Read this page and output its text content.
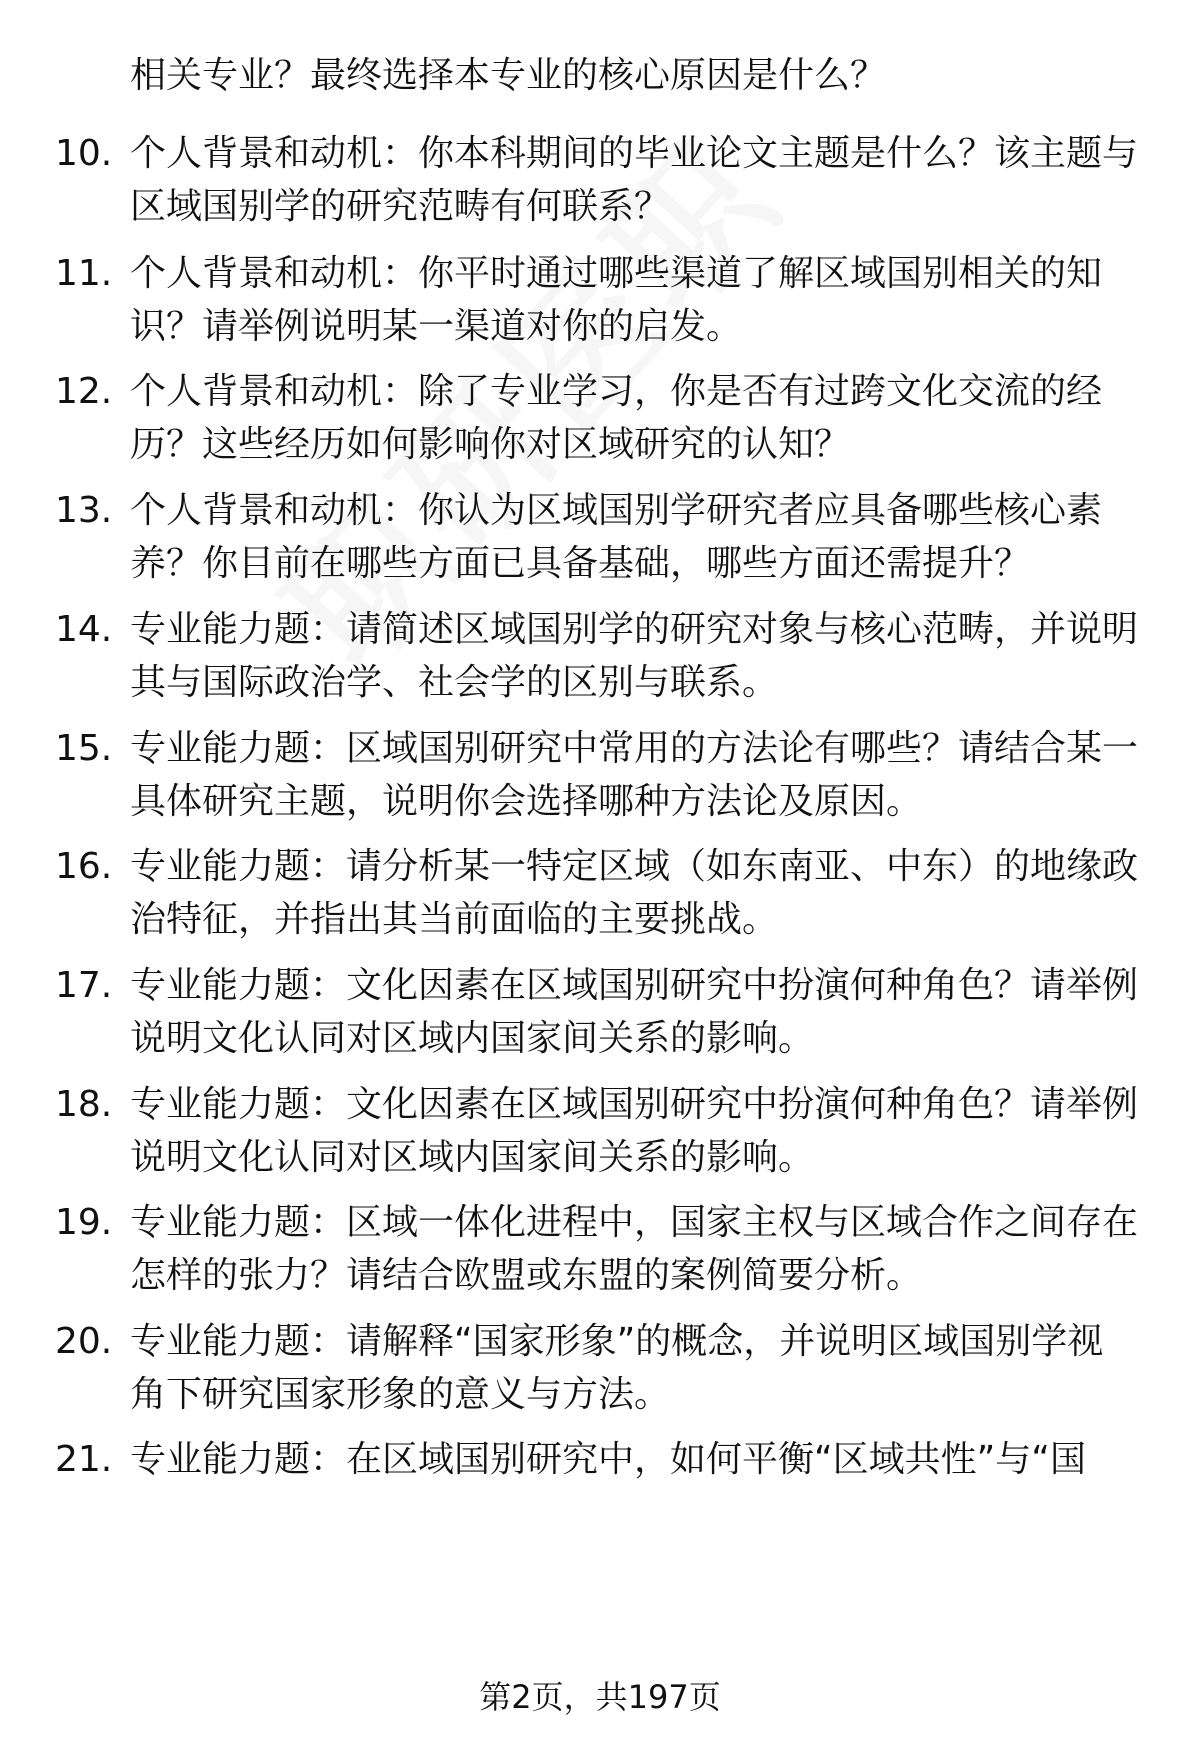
相关专业？最终选择本专业的核心原因是什么？
10. 个人背景和动机：你本科期间的毕业论文主题是什么？该主题与
区域国别学的研究范畴有何联系？
11. 个人背景和动机：你平时通过哪些渠道了解区域国别相关的知
识？请举例说明某一渠道对你的启发。
12. 个人背景和动机：除了专业学习，你是否有过跨文化交流的经
历？这些经历如何影响你对区域研究的认知？
13. 个人背景和动机：你认为区域国别学研究者应具备哪些核心素
养？你目前在哪些方面已具备基础，哪些方面还需提升？
14. 专业能力题：请简述区域国别学的研究对象与核心范畴，并说明
其与国际政治学、社会学的区别与联系。
15. 专业能力题：区域国别研究中常用的方法论有哪些？请结合某一
具体研究主题，说明你会选择哪种方法论及原因。
16. 专业能力题：请分析某一特定区域（如东南亚、中东）的地缘政
治特征，并指出其当前面临的主要挑战。
17. 专业能力题：文化因素在区域国别研究中扮演何种角色？请举例
说明文化认同对区域内国家间关系的影响。
18. 专业能力题：文化因素在区域国别研究中扮演何种角色？请举例
说明文化认同对区域内国家间关系的影响。
19. 专业能力题：区域一体化进程中，国家主权与区域合作之间存在
怎样的张力？请结合欧盟或东盟的案例简要分析。
20. 专业能力题：请解释“国家形象”的概念，并说明区域国别学视
角下研究国家形象的意义与方法。
21. 专业能力题：在区域国别研究中，如何平衡“区域共性”与“国
第2页，共197页
